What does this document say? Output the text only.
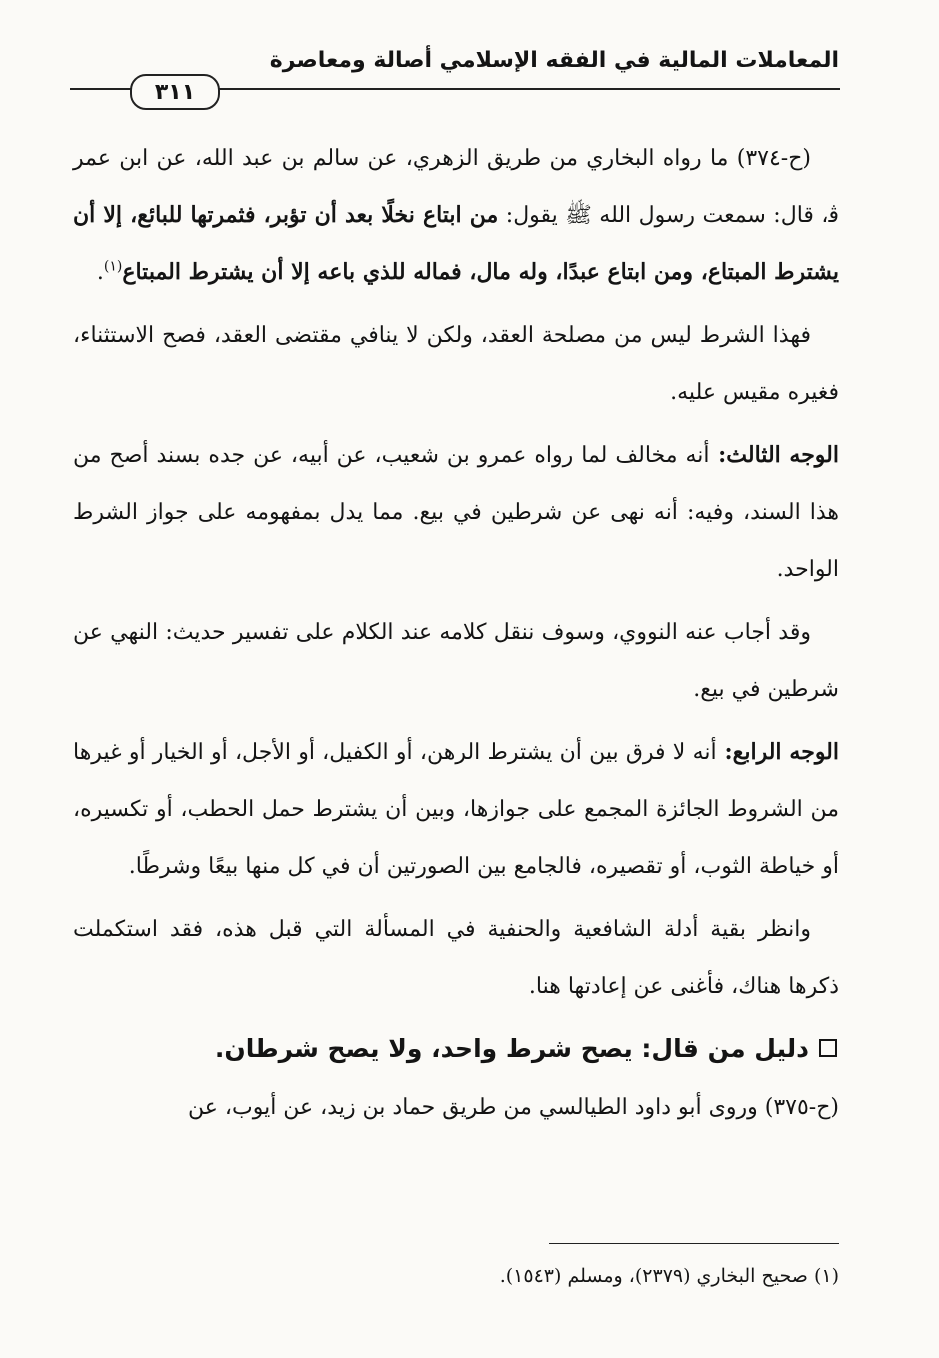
المعاملات المالية في الفقه الإسلامي أصالة ومعاصرة
٣١١

(ح-٣٧٤) ما رواه البخاري من طريق الزهري، عن سالم بن عبد الله، عن ابن عمر ﭬ، قال: سمعت رسول الله ﷺ يقول: من ابتاع نخلًا بعد أن تؤبر، فثمرتها للبائع، إلا أن يشترط المبتاع، ومن ابتاع عبدًا، وله مال، فماله للذي باعه إلا أن يشترط المبتاع$^{(١)}$.

فهذا الشرط ليس من مصلحة العقد، ولكن لا ينافي مقتضى العقد، فصح الاستثناء، فغيره مقيس عليه.

الوجه الثالث: أنه مخالف لما رواه عمرو بن شعيب، عن أبيه، عن جده بسند أصح من هذا السند، وفيه: أنه نهى عن شرطين في بيع. مما يدل بمفهومه على جواز الشرط الواحد.

وقد أجاب عنه النووي، وسوف ننقل كلامه عند الكلام على تفسير حديث: النهي عن شرطين في بيع.

الوجه الرابع: أنه لا فرق بين أن يشترط الرهن، أو الكفيل، أو الأجل، أو الخيار أو غيرها من الشروط الجائزة المجمع على جوازها، وبين أن يشترط حمل الحطب، أو تكسيره، أو خياطة الثوب، أو تقصيره، فالجامع بين الصورتين أن في كل منها بيعًا وشرطًا.

وانظر بقية أدلة الشافعية والحنفية في المسألة التي قبل هذه، فقد استكملت ذكرها هناك، فأغنى عن إعادتها هنا.

دليل من قال: يصح شرط واحد، ولا يصح شرطان.

(ح-٣٧٥) وروى أبو داود الطيالسي من طريق حماد بن زيد، عن أيوب، عن

(١) صحيح البخاري (٢٣٧٩)، ومسلم (١٥٤٣).
